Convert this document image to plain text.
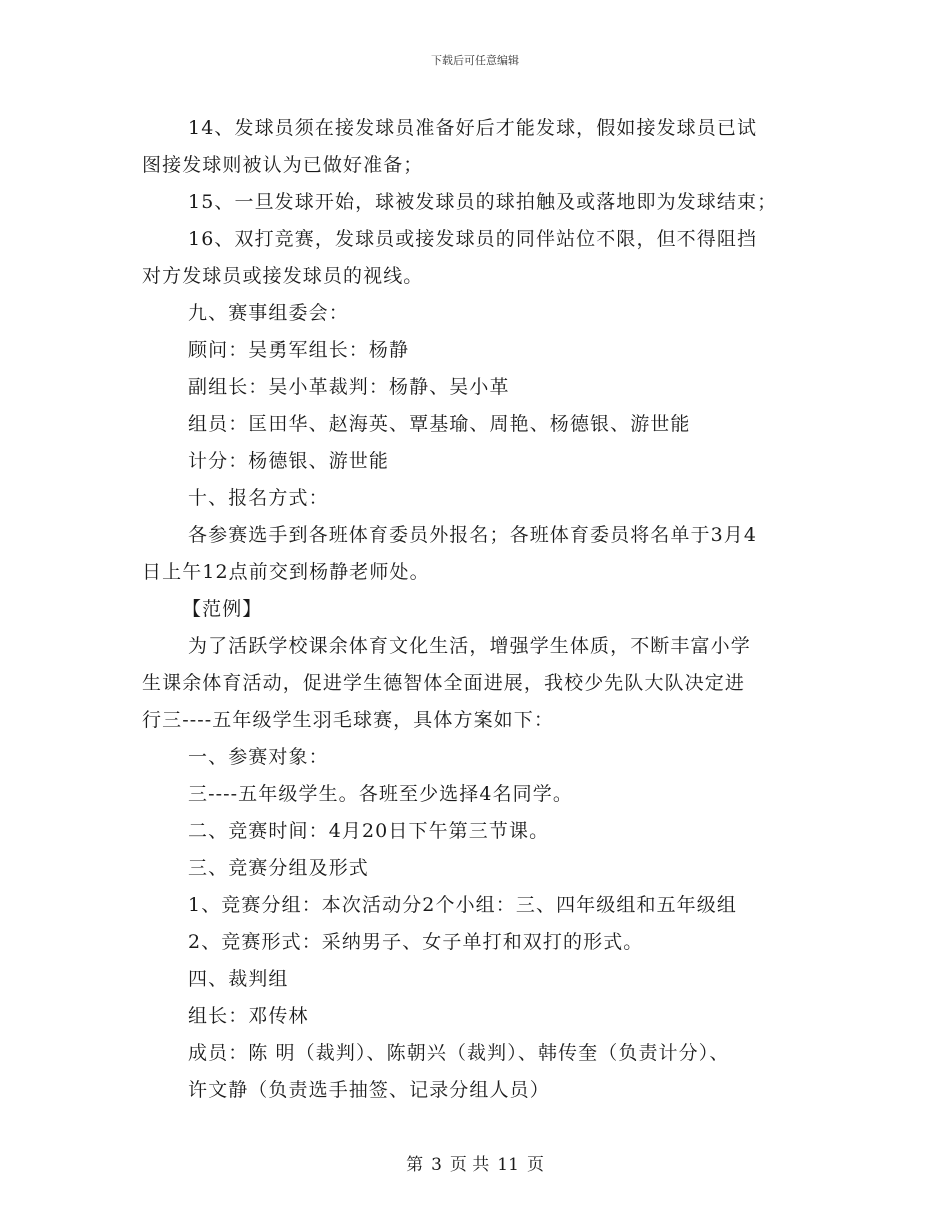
下载后可任意编辑
14、发球员须在接发球员准备好后才能发球，假如接发球员已试
图接发球则被认为已做好准备；
15、一旦发球开始，球被发球员的球拍触及或落地即为发球结束；
16、双打竞赛，发球员或接发球员的同伴站位不限，但不得阻挡
对方发球员或接发球员的视线。
九、赛事组委会：
顾问：吴勇军组长：杨静
副组长：吴小革裁判：杨静、吴小革
组员：匡田华、赵海英、覃基瑜、周艳、杨德银、游世能
计分：杨德银、游世能
十、报名方式：
各参赛选手到各班体育委员外报名；各班体育委员将名单于3月4
日上午12点前交到杨静老师处。
【范例】
为了活跃学校课余体育文化生活，增强学生体质，不断丰富小学
生课余体育活动，促进学生德智体全面进展，我校少先队大队决定进
行三----五年级学生羽毛球赛，具体方案如下：
一、参赛对象：
三----五年级学生。各班至少选择4名同学。
二、竞赛时间：4月20日下午第三节课。
三、竞赛分组及形式
1、竞赛分组：本次活动分2个小组：三、四年级组和五年级组
2、竞赛形式：采纳男子、女子单打和双打的形式。
四、裁判组
组长：邓传林
成员：陈 明（裁判）、陈朝兴（裁判）、韩传奎（负责计分）、
许文静（负责选手抽签、记录分组人员）
第 3 页 共 11 页
